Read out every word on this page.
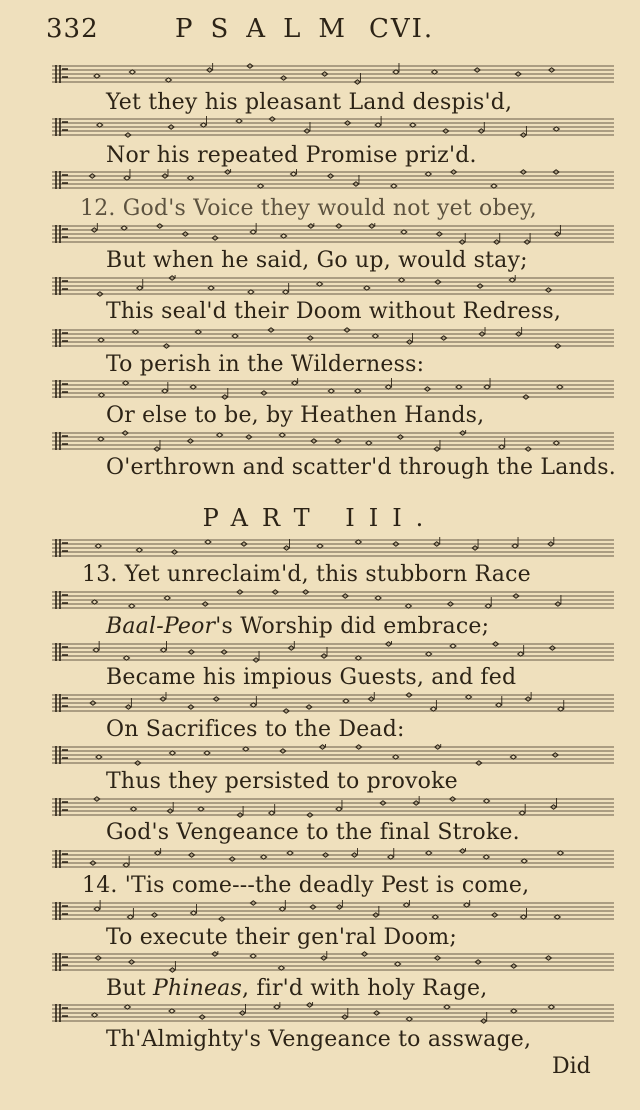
332	PSALM CVI.
Yet they his pleasant Land despis'd,
Nor his repeated Promise priz'd.
12. God's Voice they would not yet obey,
But when he said, Go up, would stay;
This seal'd their Doom without Redress,
To perish in the Wilderness:
Or else to be, by Heathen Hands,
O'erthrown and scatter'd through the Lands.
PART III.
13. Yet unreclaim'd, this stubborn Race
Baal-Peor's Worship did embrace;
Became his impious Guests, and fed
On Sacrifices to the Dead:
Thus they persisted to provoke
God's Vengeance to the final Stroke.
14. 'Tis come---the deadly Pest is come,
To execute their gen'ral Doom;
But Phineas, fir'd with holy Rage,
Th'Almighty's Vengeance to asswage,
Did
